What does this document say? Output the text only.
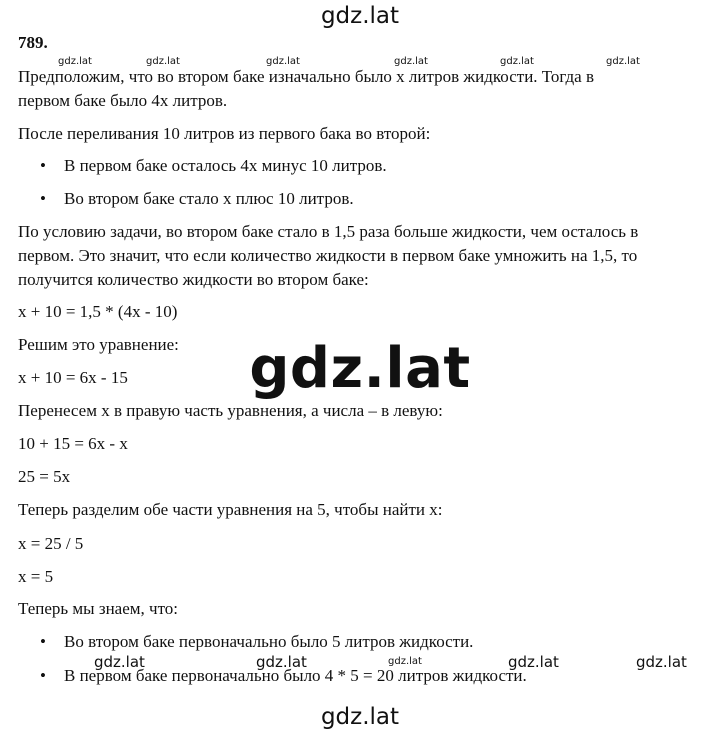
gdz.lat
gdz.lat	gdz.lat	gdz.lat	gdz.lat	gdz.lat	gdz.lat
789.
Предположим, что во втором баке изначально было x литров жидкости. Тогда в
первом баке было 4x литров.
После переливания 10 литров из первого бака во второй:
• В первом баке осталось 4x минус 10 литров.
• Во втором баке стало x плюс 10 литров.
По условию задачи, во втором баке стало в 1,5 раза больше жидкости, чем осталось в
первом. Это значит, что если количество жидкости в первом баке умножить на 1,5, то
получится количество жидкости во втором баке:
x + 10 = 1,5 * (4x - 10)
Решим это уравнение:
x + 10 = 6x - 15	gdz.lat
Перенесем x в правую часть уравнения, а числа – в левую:
10 + 15 = 6x - x
25 = 5x
Теперь разделим обе части уравнения на 5, чтобы найти x:
x = 25 / 5
x = 5
Теперь мы знаем, что:
• Во втором баке первоначально было 5 литров жидкости.
gdz.lat	gdz.lat	gdz.lat	gdz.lat	gdz.lat
• В первом баке первоначально было 4 * 5 = 20 литров жидкости.
gdz.lat
